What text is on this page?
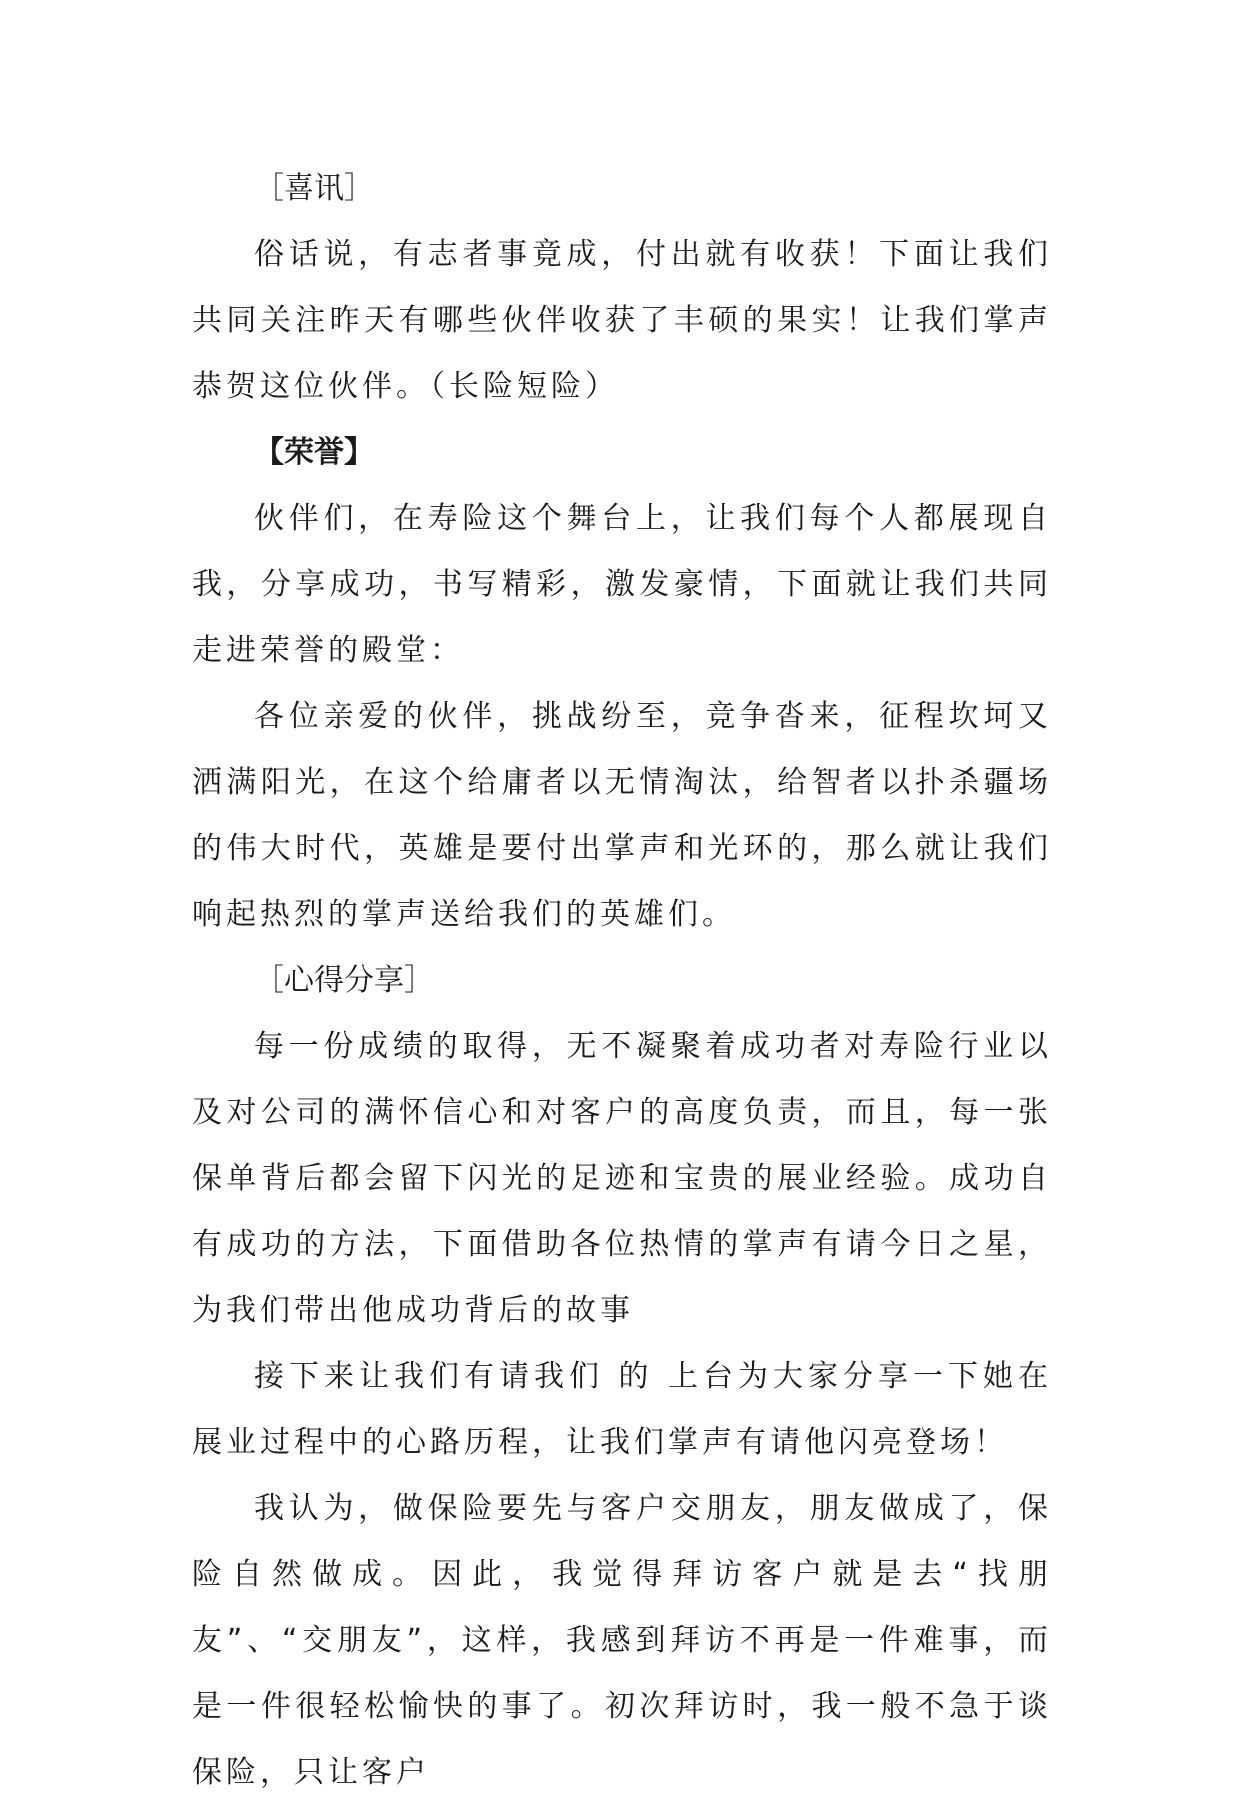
［喜讯］

俗话说，有志者事竟成，付出就有收获！下面让我们共同关注昨天有哪些伙伴收获了丰硕的果实！让我们掌声恭贺这位伙伴。（长险短险）

【荣誉】

伙伴们，在寿险这个舞台上，让我们每个人都展现自我，分享成功，书写精彩，激发豪情，下面就让我们共同走进荣誉的殿堂：

各位亲爱的伙伴，挑战纷至，竞争沓来，征程坎坷又洒满阳光，在这个给庸者以无情淘汰，给智者以扑杀疆场的伟大时代，英雄是要付出掌声和光环的，那么就让我们响起热烈的掌声送给我们的英雄们。

［心得分享］

每一份成绩的取得，无不凝聚着成功者对寿险行业以及对公司的满怀信心和对客户的高度负责，而且，每一张保单背后都会留下闪光的足迹和宝贵的展业经验。成功自有成功的方法，下面借助各位热情的掌声有请今日之星，为我们带出他成功背后的故事

接下来让我们有请我们 的 上台为大家分享一下她在展业过程中的心路历程，让我们掌声有请他闪亮登场！

我认为，做保险要先与客户交朋友，朋友做成了，保险自然做成。因此，我觉得拜访客户就是去“找朋友”、“交朋友”，这样，我感到拜访不再是一件难事，而是一件很轻松愉快的事了。初次拜访时，我一般不急于谈保险，只让客户
